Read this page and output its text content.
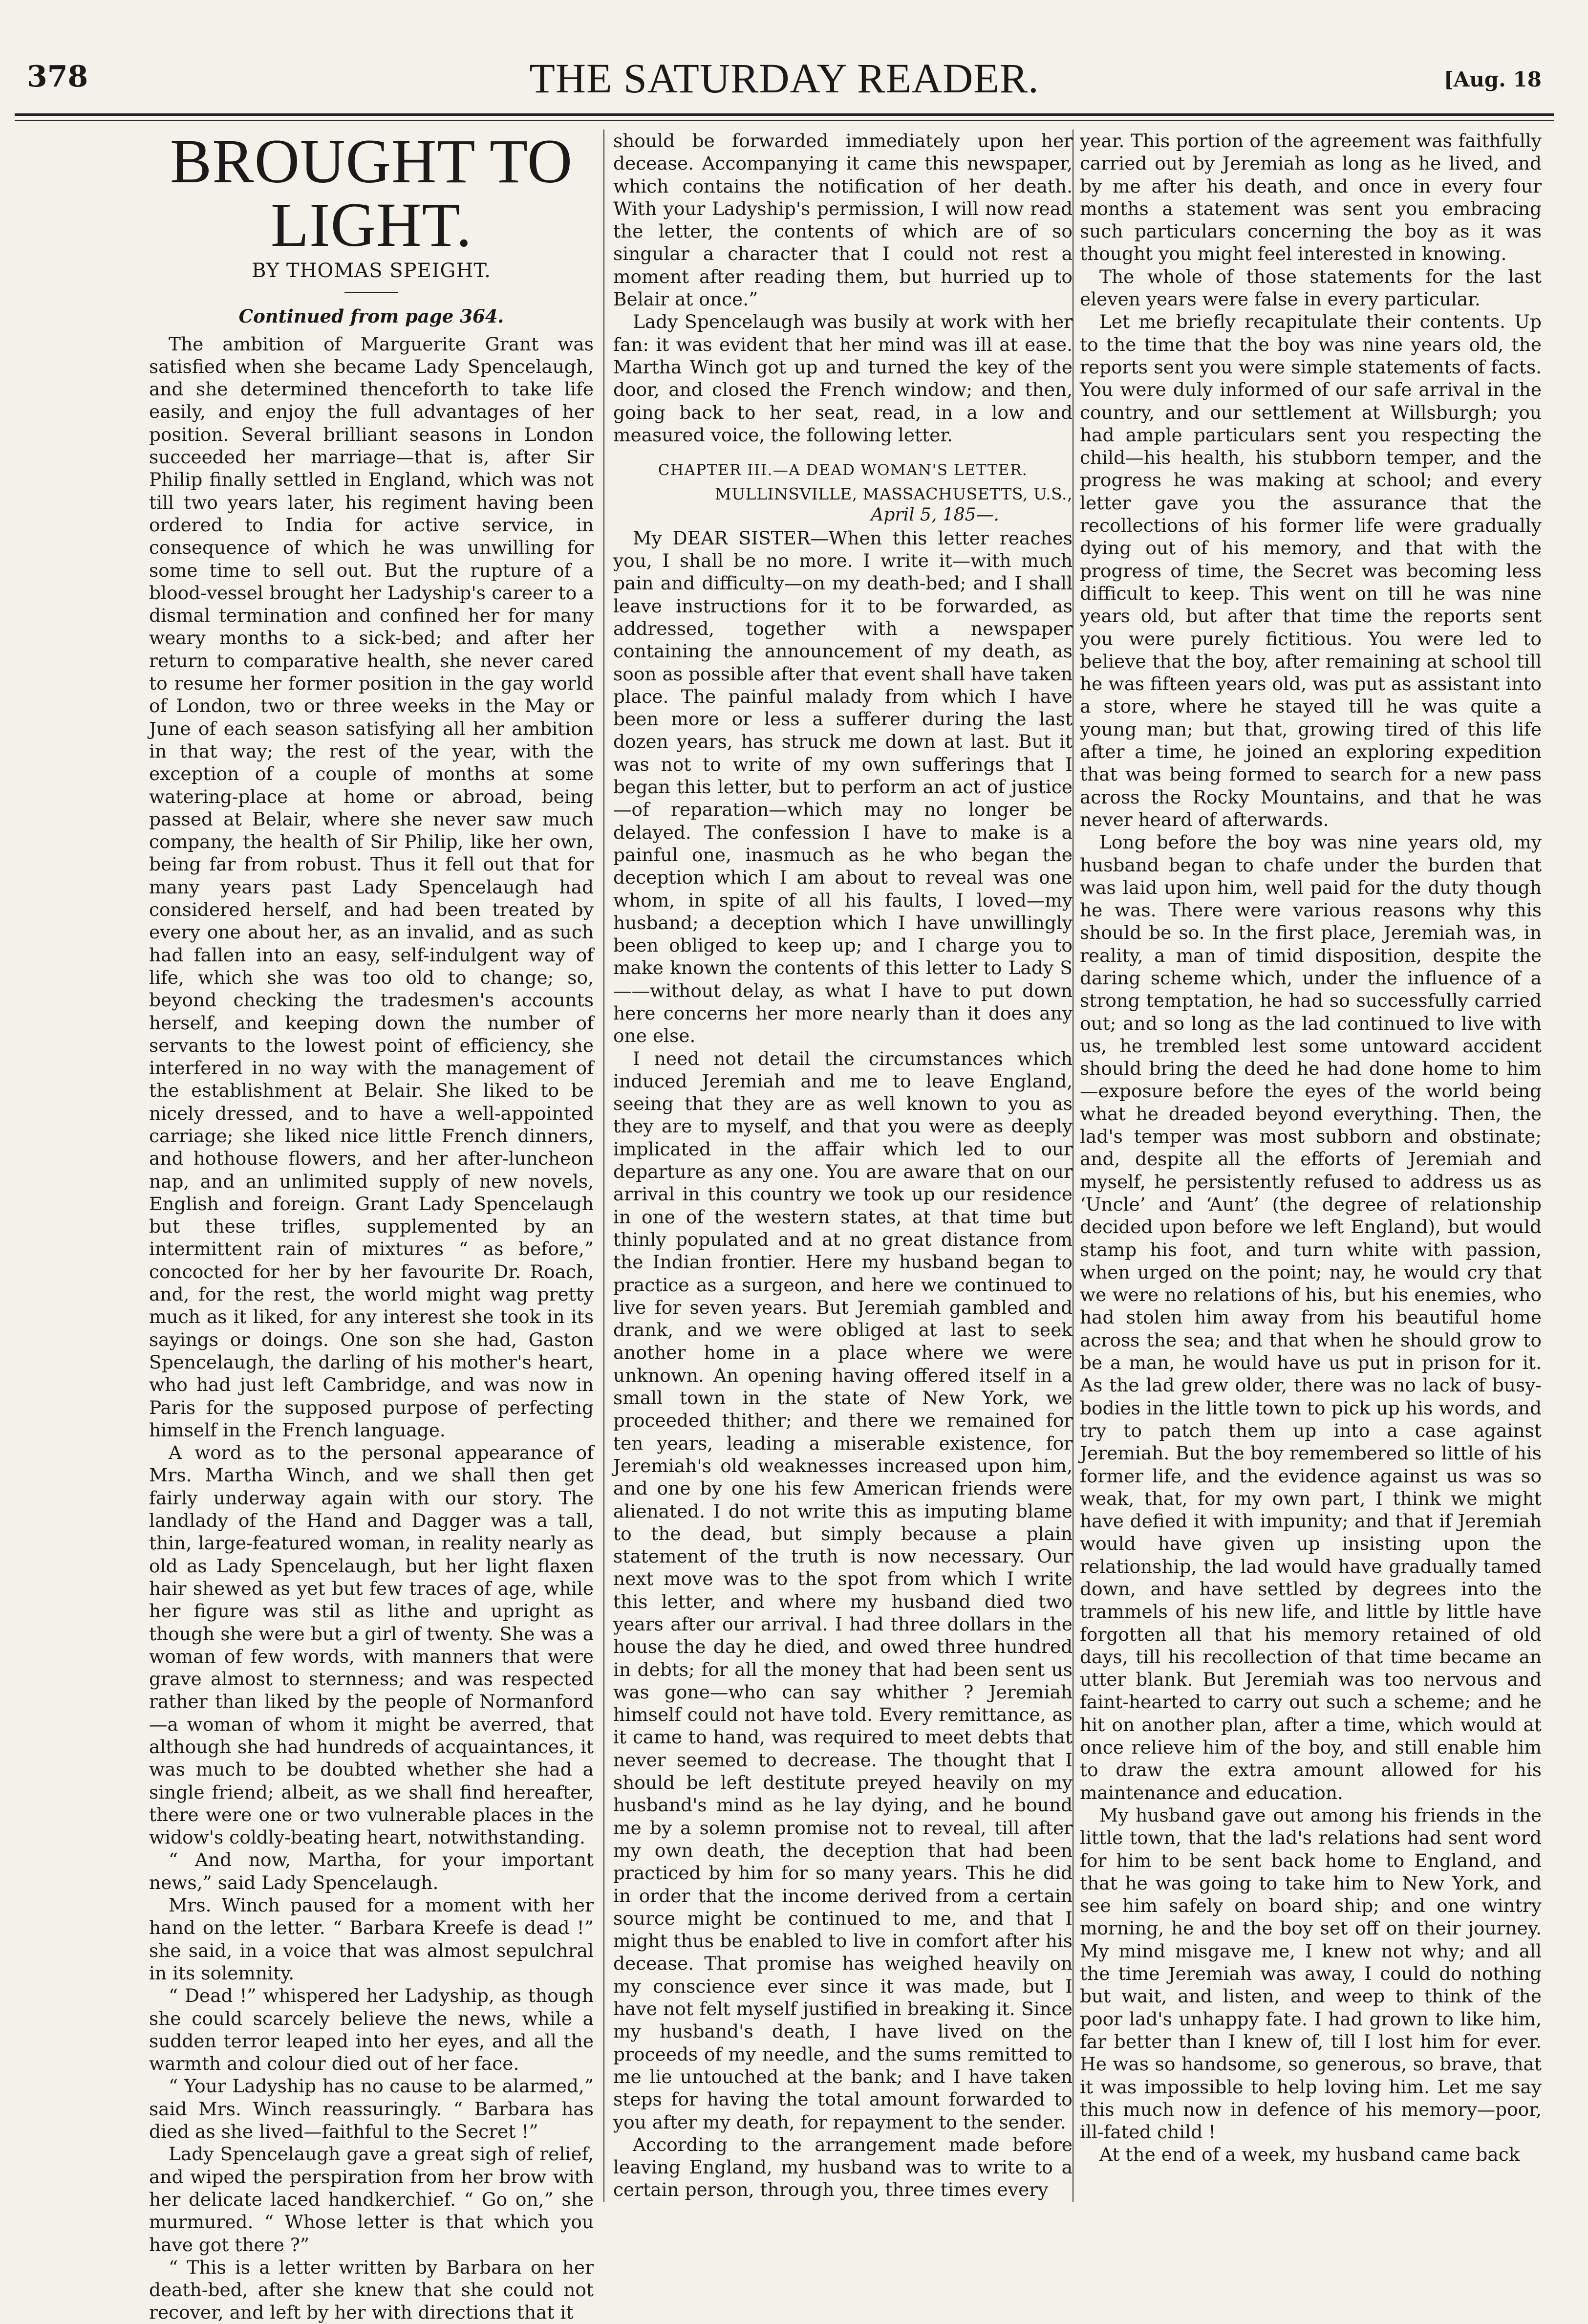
378	THE SATURDAY READER.	[Aug. 18
BROUGHT TO LIGHT.
BY THOMAS SPEIGHT.
Continued from page 364.

The ambition of Marguerite Grant was satisfied when she became Lady Spencelaugh, and she determined thenceforth to take life easily, and enjoy the full advantages of her position. Several brilliant seasons in London succeeded her marriage—that is, after Sir Philip finally settled in England, which was not till two years later, his regiment having been ordered to India for active service, in consequence of which he was unwilling for some time to sell out. But the rupture of a blood-vessel brought her Ladyship's career to a dismal termination and confined her for many weary months to a sick-bed; and after her return to comparative health, she never cared to resume her former position in the gay world of London, two or three weeks in the May or June of each season satisfying all her ambition in that way; the rest of the year, with the exception of a couple of months at some watering-place at home or abroad, being passed at Belair, where she never saw much company, the health of Sir Philip, like her own, being far from robust. Thus it fell out that for many years past Lady Spencelaugh had considered herself, and had been treated by every one about her, as an invalid, and as such had fallen into an easy, self-indulgent way of life, which she was too old to change; so, beyond checking the tradesmen's accounts herself, and keeping down the number of servants to the lowest point of efficiency, she interfered in no way with the management of the establishment at Belair. She liked to be nicely dressed, and to have a well-appointed carriage; she liked nice little French dinners, and hothouse flowers, and her after-luncheon nap, and an unlimited supply of new novels, English and foreign. Grant Lady Spencelaugh but these trifles, supplemented by an intermittent rain of mixtures “ as before,” concocted for her by her favourite Dr. Roach, and, for the rest, the world might wag pretty much as it liked, for any interest she took in its sayings or doings. One son she had, Gaston Spencelaugh, the darling of his mother's heart, who had just left Cambridge, and was now in Paris for the supposed purpose of perfecting himself in the French language.

A word as to the personal appearance of Mrs. Martha Winch, and we shall then get fairly underway again with our story. The landlady of the Hand and Dagger was a tall, thin, large-featured woman, in reality nearly as old as Lady Spencelaugh, but her light flaxen hair shewed as yet but few traces of age, while her figure was stil as lithe and upright as though she were but a girl of twenty. She was a woman of few words, with manners that were grave almost to sternness; and was respected rather than liked by the people of Normanford—a woman of whom it might be averred, that although she had hundreds of acquaintances, it was much to be doubted whether she had a single friend; albeit, as we shall find hereafter, there were one or two vulnerable places in the widow's coldly-beating heart, notwithstanding.

“ And now, Martha, for your important news,” said Lady Spencelaugh.

Mrs. Winch paused for a moment with her hand on the letter. “ Barbara Kreefe is dead !” she said, in a voice that was almost sepulchral in its solemnity.

“ Dead !” whispered her Ladyship, as though she could scarcely believe the news, while a sudden terror leaped into her eyes, and all the warmth and colour died out of her face.

“ Your Ladyship has no cause to be alarmed,” said Mrs. Winch reassuringly. “ Barbara has died as she lived—faithful to the Secret !”

Lady Spencelaugh gave a great sigh of relief, and wiped the perspiration from her brow with her delicate laced handkerchief. “ Go on,” she murmured. “ Whose letter is that which you have got there ?”

“ This is a letter written by Barbara on her death-bed, after she knew that she could not recover, and left by her with directions that it

should be forwarded immediately upon her decease. Accompanying it came this newspaper, which contains the notification of her death. With your Ladyship's permission, I will now read the letter, the contents of which are of so singular a character that I could not rest a moment after reading them, but hurried up to Belair at once.”

Lady Spencelaugh was busily at work with her fan: it was evident that her mind was ill at ease. Martha Winch got up and turned the key of the door, and closed the French window; and then, going back to her seat, read, in a low and measured voice, the following letter.

CHAPTER III.—A DEAD WOMAN'S LETTER.
MULLINSVILLE, MASSACHUSETTS, U.S.,
April 5, 185—.

My DEAR SISTER—When this letter reaches you, I shall be no more. I write it—with much pain and difficulty—on my death-bed; and I shall leave instructions for it to be forwarded, as addressed, together with a newspaper containing the announcement of my death, as soon as possible after that event shall have taken place. The painful malady from which I have been more or less a sufferer during the last dozen years, has struck me down at last. But it was not to write of my own sufferings that I began this letter, but to perform an act of justice—of reparation—which may no longer be delayed. The confession I have to make is a painful one, inasmuch as he who began the deception which I am about to reveal was one whom, in spite of all his faults, I loved—my husband; a deception which I have unwillingly been obliged to keep up; and I charge you to make known the contents of this letter to Lady S——without delay, as what I have to put down here concerns her more nearly than it does any one else.

I need not detail the circumstances which induced Jeremiah and me to leave England, seeing that they are as well known to you as they are to myself, and that you were as deeply implicated in the affair which led to our departure as any one. You are aware that on our arrival in this country we took up our residence in one of the western states, at that time but thinly populated and at no great distance from the Indian frontier. Here my husband began to practice as a surgeon, and here we continued to live for seven years. But Jeremiah gambled and drank, and we were obliged at last to seek another home in a place where we were unknown. An opening having offered itself in a small town in the state of New York, we proceeded thither; and there we remained for ten years, leading a miserable existence, for Jeremiah's old weaknesses increased upon him, and one by one his few American friends were alienated. I do not write this as imputing blame to the dead, but simply because a plain statement of the truth is now necessary. Our next move was to the spot from which I write this letter, and where my husband died two years after our arrival. I had three dollars in the house the day he died, and owed three hundred in debts; for all the money that had been sent us was gone—who can say whither ? Jeremiah himself could not have told. Every remittance, as it came to hand, was required to meet debts that never seemed to decrease. The thought that I should be left destitute preyed heavily on my husband's mind as he lay dying, and he bound me by a solemn promise not to reveal, till after my own death, the deception that had been practiced by him for so many years. This he did in order that the income derived from a certain source might be continued to me, and that I might thus be enabled to live in comfort after his decease. That promise has weighed heavily on my conscience ever since it was made, but I have not felt myself justified in breaking it. Since my husband's death, I have lived on the proceeds of my needle, and the sums remitted to me lie untouched at the bank; and I have taken steps for having the total amount forwarded to you after my death, for repayment to the sender.

According to the arrangement made before leaving England, my husband was to write to a certain person, through you, three times every

year. This portion of the agreement was faithfully carried out by Jeremiah as long as he lived, and by me after his death, and once in every four months a statement was sent you embracing such particulars concerning the boy as it was thought you might feel interested in knowing.

The whole of those statements for the last eleven years were false in every particular.

Let me briefly recapitulate their contents. Up to the time that the boy was nine years old, the reports sent you were simple statements of facts. You were duly informed of our safe arrival in the country, and our settlement at Willsburgh; you had ample particulars sent you respecting the child—his health, his stubborn temper, and the progress he was making at school; and every letter gave you the assurance that the recollections of his former life were gradually dying out of his memory, and that with the progress of time, the Secret was becoming less difficult to keep. This went on till he was nine years old, but after that time the reports sent you were purely fictitious. You were led to believe that the boy, after remaining at school till he was fifteen years old, was put as assistant into a store, where he stayed till he was quite a young man; but that, growing tired of this life after a time, he joined an exploring expedition that was being formed to search for a new pass across the Rocky Mountains, and that he was never heard of afterwards.

Long before the boy was nine years old, my husband began to chafe under the burden that was laid upon him, well paid for the duty though he was. There were various reasons why this should be so. In the first place, Jeremiah was, in reality, a man of timid disposition, despite the daring scheme which, under the influence of a strong temptation, he had so successfully carried out; and so long as the lad continued to live with us, he trembled lest some untoward accident should bring the deed he had done home to him—exposure before the eyes of the world being what he dreaded beyond everything. Then, the lad's temper was most subborn and obstinate; and, despite all the efforts of Jeremiah and myself, he persistently refused to address us as ‘Uncle’ and ‘Aunt’ (the degree of relationship decided upon before we left England), but would stamp his foot, and turn white with passion, when urged on the point; nay, he would cry that we were no relations of his, but his enemies, who had stolen him away from his beautiful home across the sea; and that when he should grow to be a man, he would have us put in prison for it. As the lad grew older, there was no lack of busy-bodies in the little town to pick up his words, and try to patch them up into a case against Jeremiah. But the boy remembered so little of his former life, and the evidence against us was so weak, that, for my own part, I think we might have defied it with impunity; and that if Jeremiah would have given up insisting upon the relationship, the lad would have gradually tamed down, and have settled by degrees into the trammels of his new life, and little by little have forgotten all that his memory retained of old days, till his recollection of that time became an utter blank. But Jeremiah was too nervous and faint-hearted to carry out such a scheme; and he hit on another plan, after a time, which would at once relieve him of the boy, and still enable him to draw the extra amount allowed for his maintenance and education.

My husband gave out among his friends in the little town, that the lad's relations had sent word for him to be sent back home to England, and that he was going to take him to New York, and see him safely on board ship; and one wintry morning, he and the boy set off on their journey. My mind misgave me, I knew not why; and all the time Jeremiah was away, I could do nothing but wait, and listen, and weep to think of the poor lad's unhappy fate. I had grown to like him, far better than I knew of, till I lost him for ever. He was so handsome, so generous, so brave, that it was impossible to help loving him. Let me say this much now in defence of his memory—poor, ill-fated child !

At the end of a week, my husband came back
